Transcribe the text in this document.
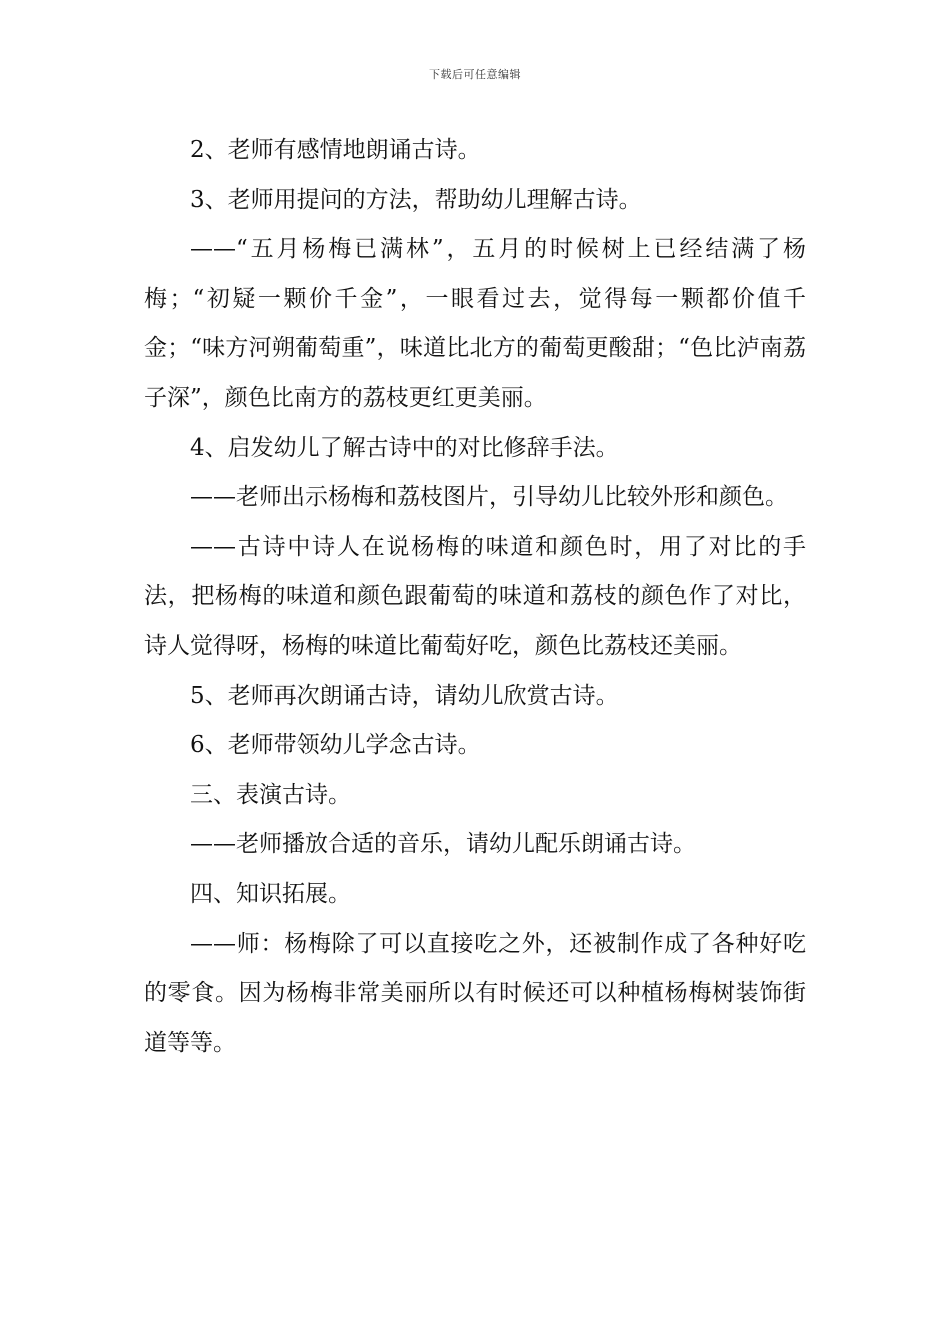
下载后可任意编辑

2、老师有感情地朗诵古诗。

3、老师用提问的方法，帮助幼儿理解古诗。

——“五月杨梅已满林”，五月的时候树上已经结满了杨梅；“初疑一颗价千金”，一眼看过去，觉得每一颗都价值千金；“味方河朔葡萄重”，味道比北方的葡萄更酸甜；“色比泸南荔子深”，颜色比南方的荔枝更红更美丽。

4、启发幼儿了解古诗中的对比修辞手法。

——老师出示杨梅和荔枝图片，引导幼儿比较外形和颜色。

——古诗中诗人在说杨梅的味道和颜色时，用了对比的手法，把杨梅的味道和颜色跟葡萄的味道和荔枝的颜色作了对比，诗人觉得呀，杨梅的味道比葡萄好吃，颜色比荔枝还美丽。

5、老师再次朗诵古诗，请幼儿欣赏古诗。

6、老师带领幼儿学念古诗。

三、表演古诗。

——老师播放合适的音乐，请幼儿配乐朗诵古诗。

四、知识拓展。

——师：杨梅除了可以直接吃之外，还被制作成了各种好吃的零食。因为杨梅非常美丽所以有时候还可以种植杨梅树装饰街道等等。
